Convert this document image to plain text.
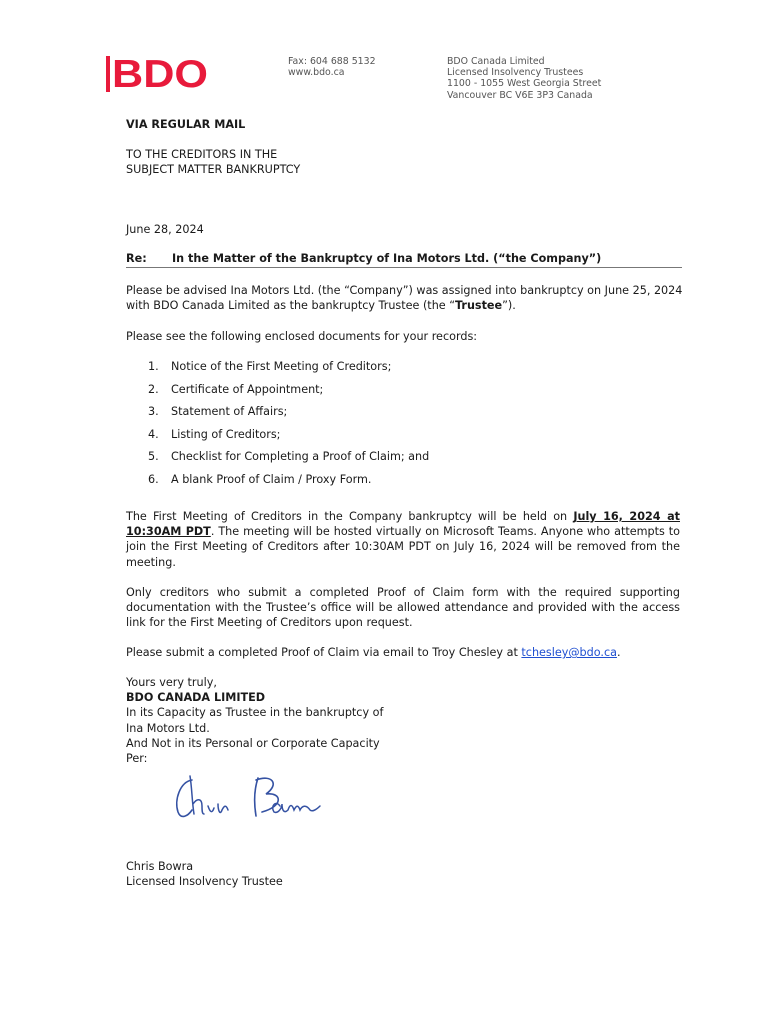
BDO	Fax: 604 688 5132
www.bdo.ca
BDO Canada Limited
Licensed Insolvency Trustees
1100 - 1055 West Georgia Street
Vancouver BC V6E 3P3 Canada
VIA REGULAR MAIL
TO THE CREDITORS IN THE
SUBJECT MATTER BANKRUPTCY
June 28, 2024
Re: In the Matter of the Bankruptcy of Ina Motors Ltd. (“the Company”)
Please be advised Ina Motors Ltd. (the “Company”) was assigned into bankruptcy on June 25, 2024
with BDO Canada Limited as the bankruptcy Trustee (the “Trustee”).
Please see the following enclosed documents for your records:
1. Notice of the First Meeting of Creditors;
2. Certificate of Appointment;
3. Statement of Affairs;
4. Listing of Creditors;
5. Checklist for Completing a Proof of Claim; and
6. A blank Proof of Claim / Proxy Form.

The First Meeting of Creditors in the Company bankruptcy will be held on July 16, 2024 at 10:30AM PDT. The meeting will be hosted virtually on Microsoft Teams. Anyone who attempts to join the First Meeting of Creditors after 10:30AM PDT on July 16, 2024 will be removed from the meeting.

Only creditors who submit a completed Proof of Claim form with the required supporting documentation with the Trustee’s office will be allowed attendance and provided with the access link for the First Meeting of Creditors upon request.

Please submit a completed Proof of Claim via email to Troy Chesley at tchesley@bdo.ca.

Yours very truly,
BDO CANADA LIMITED
In its Capacity as Trustee in the bankruptcy of
Ina Motors Ltd.
And Not in its Personal or Corporate Capacity
Per:
Chris Bowra
Licensed Insolvency Trustee
